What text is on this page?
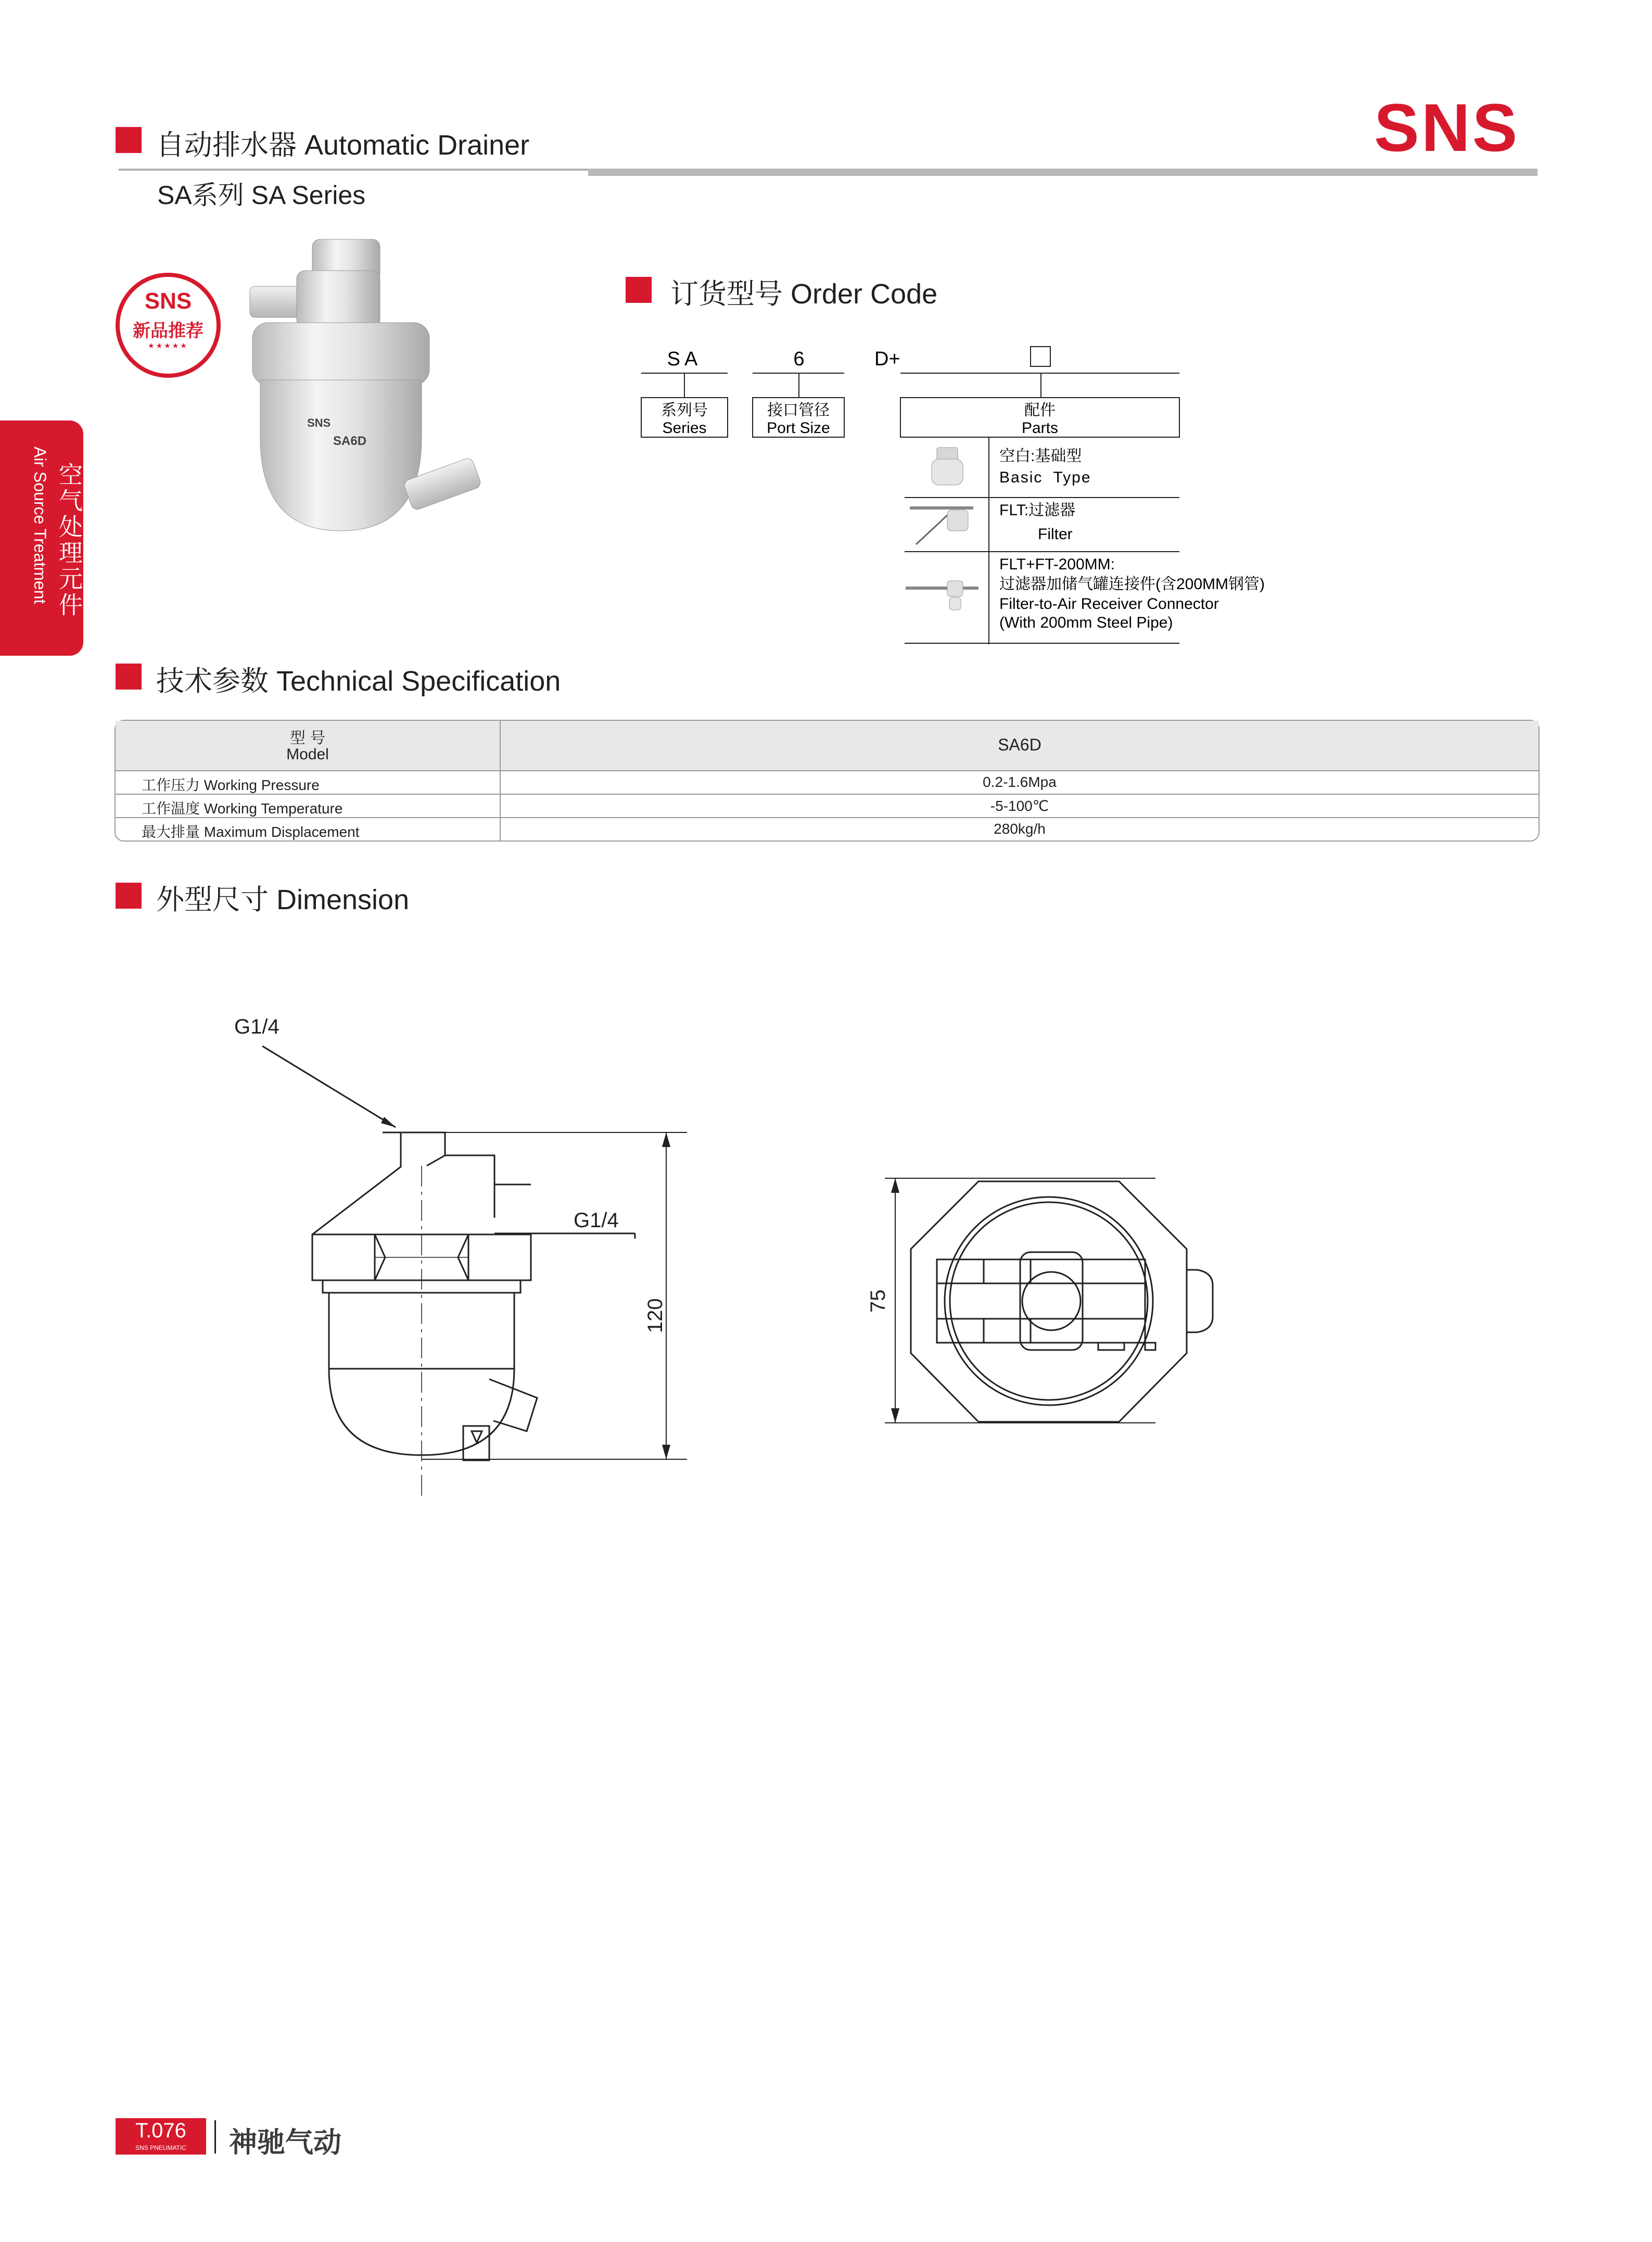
自动排水器 Automatic Drainer	SNS
SA系列 SA Series
空气处理元件
Air Source Treatment
SNS
新品推荐
★★★★★
SNS
SA6D
订货型号 Order Code
SA
系列号
Series
6
接口管径
Port Size
D+
配件
Parts
空白:基础型
Basic  Type
FLT:过滤器
Filter
FLT+FT-200MM:
过滤器加储气罐连接件(含200MM钢管)
Filter-to-Air Receiver Connector
(With 200mm Steel Pipe)
技术参数 Technical Specification
型 号
Model
SA6D
工作压力 Working Pressure	0.2-1.6Mpa
工作温度 Working Temperature	-5-100℃
最大排量 Maximum Displacement	280kg/h
外型尺寸 Dimension
G1/4
G1/4
120	75
T.076
SNS PNEUMATIC	神驰气动
